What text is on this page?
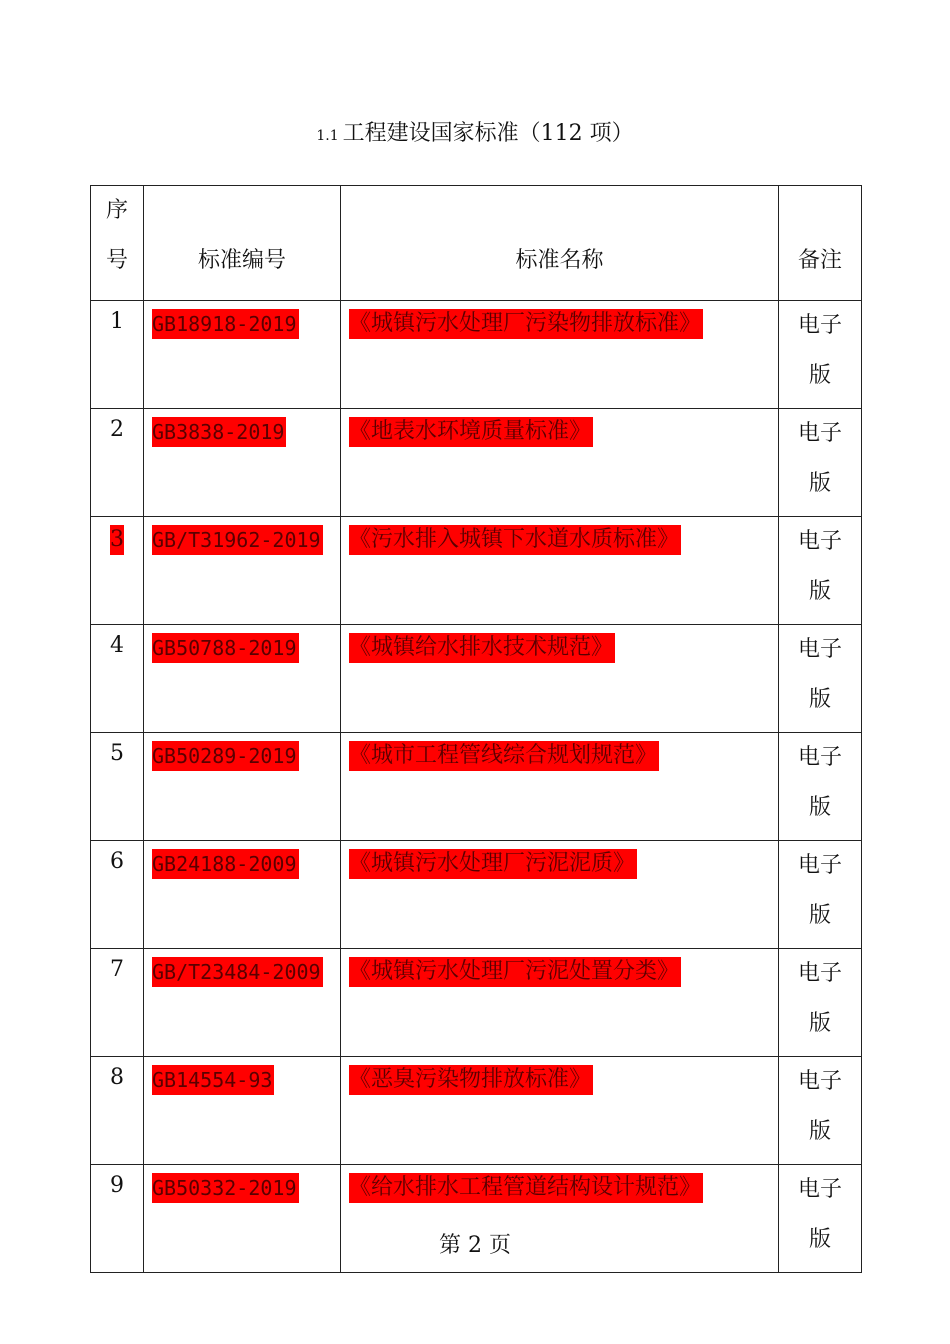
1.1 工程建设国家标准（112 项）
序号	标准编号	标准名称	备注

1	GB18918-2019	《城镇污水处理厂污染物排放标准》	电子版

2	GB3838-2019	《地表水环境质量标准》	电子版

3	GB/T31962-2019	《污水排入城镇下水道水质标准》	电子版

4	GB50788-2019	《城镇给水排水技术规范》	电子版

5	GB50289-2019	《城市工程管线综合规划规范》	电子版

6	GB24188-2009	《城镇污水处理厂污泥泥质》	电子版

7	GB/T23484-2009	《城镇污水处理厂污泥处置分类》	电子版

8	GB14554-93	《恶臭污染物排放标准》	电子版

9	GB50332-2019	《给水排水工程管道结构设计规范》	电子版
第 2 页
